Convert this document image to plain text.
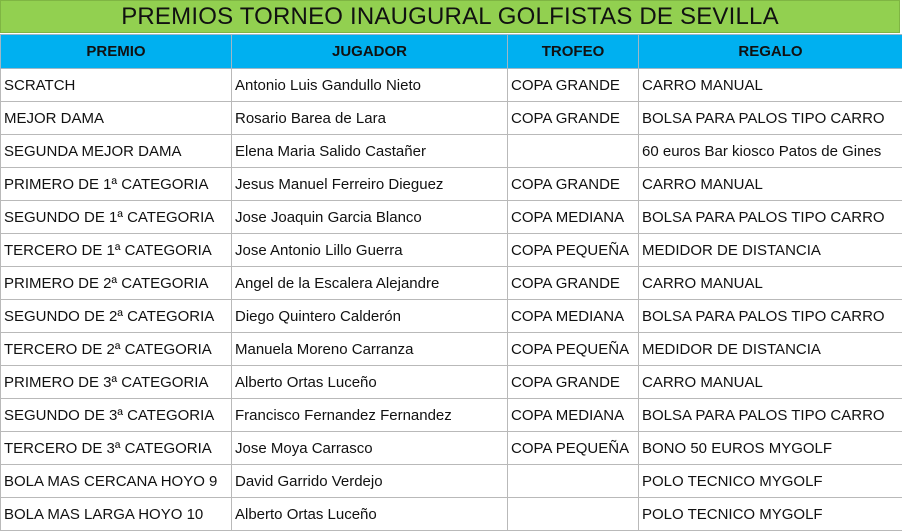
PREMIOS TORNEO INAUGURAL GOLFISTAS DE SEVILLA
PREMIO	JUGADOR	TROFEO	REGALO
SCRATCH	Antonio Luis Gandullo Nieto	COPA GRANDE	CARRO MANUAL
MEJOR DAMA	Rosario Barea de Lara	COPA GRANDE	BOLSA PARA PALOS TIPO CARRO
SEGUNDA MEJOR DAMA	Elena Maria Salido Castañer		60 euros Bar kiosco Patos de Gines
PRIMERO DE 1ª CATEGORIA	Jesus Manuel Ferreiro Dieguez	COPA GRANDE	CARRO MANUAL
SEGUNDO DE 1ª CATEGORIA	Jose Joaquin Garcia Blanco	COPA MEDIANA	BOLSA PARA PALOS TIPO CARRO
TERCERO DE 1ª CATEGORIA	Jose Antonio Lillo Guerra	COPA PEQUEÑA	MEDIDOR DE DISTANCIA
PRIMERO DE 2ª CATEGORIA	Angel de la Escalera Alejandre	COPA GRANDE	CARRO MANUAL
SEGUNDO DE 2ª CATEGORIA	Diego Quintero Calderón	COPA MEDIANA	BOLSA PARA PALOS TIPO CARRO
TERCERO DE 2ª CATEGORIA	Manuela Moreno Carranza	COPA PEQUEÑA	MEDIDOR DE DISTANCIA
PRIMERO DE 3ª CATEGORIA	Alberto Ortas Luceño	COPA GRANDE	CARRO MANUAL
SEGUNDO DE 3ª CATEGORIA	Francisco Fernandez Fernandez	COPA MEDIANA	BOLSA PARA PALOS TIPO CARRO
TERCERO DE 3ª CATEGORIA	Jose Moya Carrasco	COPA PEQUEÑA	BONO 50 EUROS MYGOLF
BOLA MAS CERCANA HOYO 9	David Garrido Verdejo		POLO TECNICO MYGOLF
BOLA MAS LARGA HOYO 10	Alberto Ortas Luceño		POLO TECNICO MYGOLF
